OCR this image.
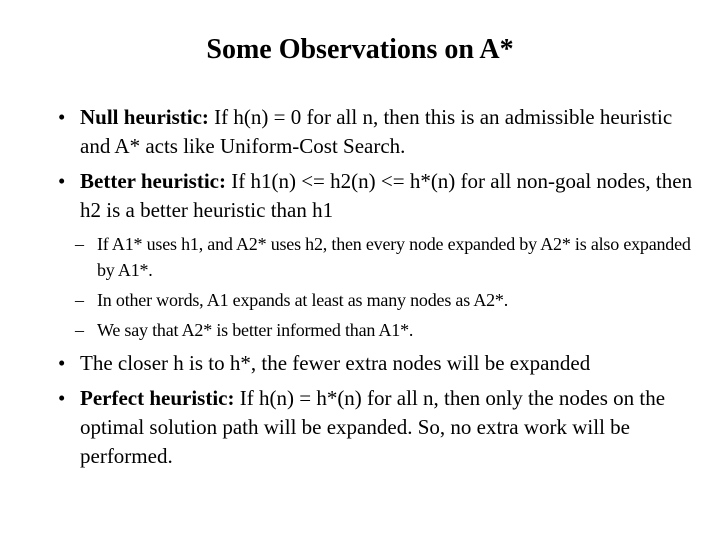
Some Observations on A*
• Null heuristic: If h(n) = 0 for all n, then this is an admissible heuristic and A* acts like Uniform-Cost Search.
• Better heuristic: If h1(n) <= h2(n) <= h*(n) for all non-goal nodes, then h2 is a better heuristic than h1
– If A1* uses h1, and A2* uses h2, then every node expanded by A2* is also expanded by A1*.
– In other words, A1 expands at least as many nodes as A2*.
– We say that A2* is better informed than A1*.
• The closer h is to h*, the fewer extra nodes will be expanded
• Perfect heuristic: If h(n) = h*(n) for all n, then only the nodes on the optimal solution path will be expanded. So, no extra work will be performed.
